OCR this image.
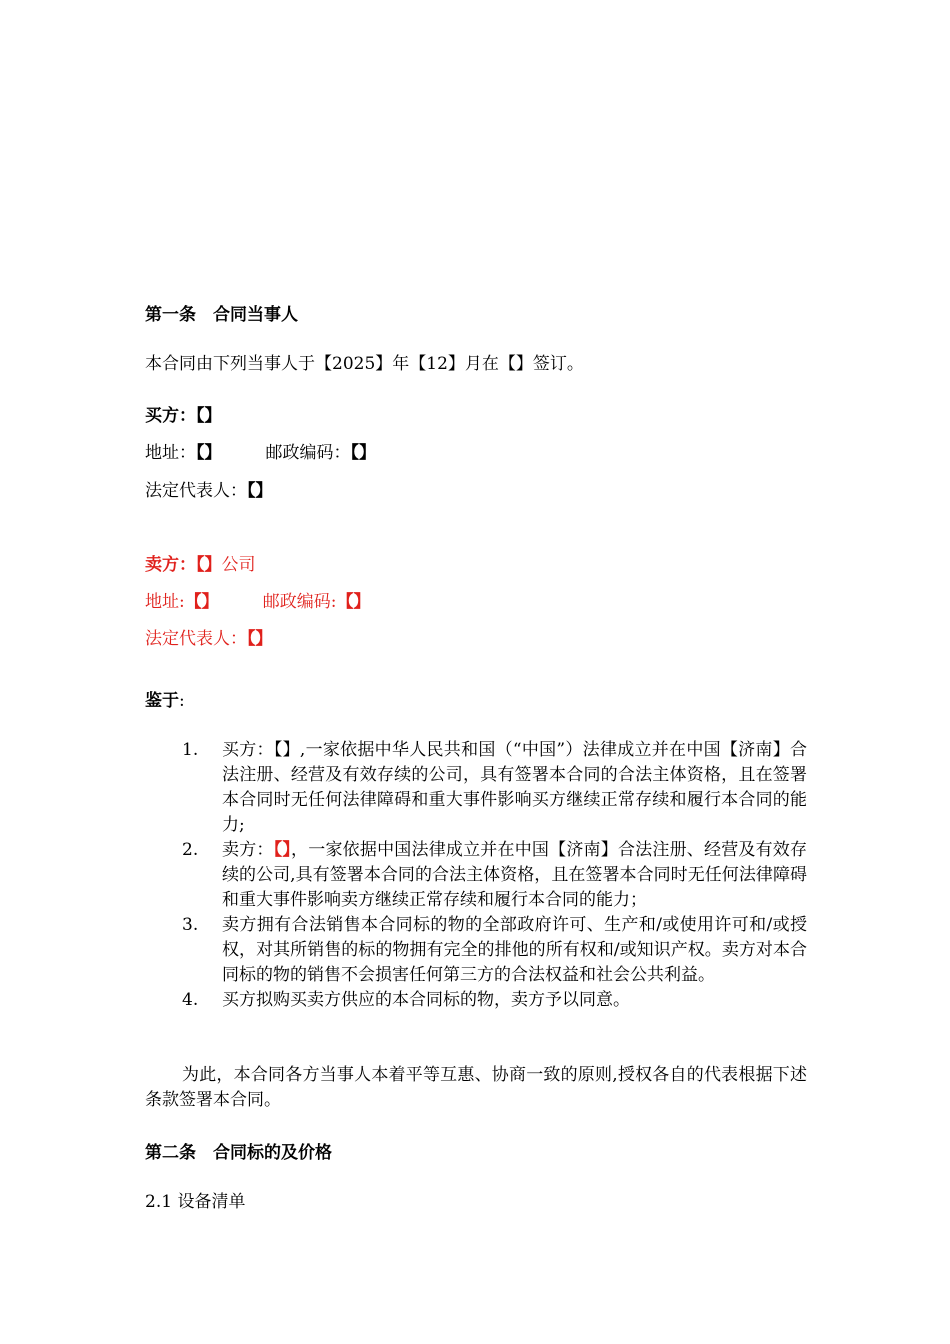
第一条　合同当事人
本合同由下列当事人于【2025】年【12】月在【】签订。
买方：【】
地址：【】	邮政编码：【】
法定代表人：【】
卖方：【】公司
地址:【】	邮政编码:【】
法定代表人：【】
鉴于:
1. 买方：【】,一家依据中华人民共和国（“中国”）法律成立并在中国【济南】合法注册、经营及有效存续的公司，具有签署本合同的合法主体资格，且在签署本合同时无任何法律障碍和重大事件影响买方继续正常存续和履行本合同的能力;
2. 卖方：【】，一家依据中国法律成立并在中国【济南】合法注册、经营及有效存续的公司,具有签署本合同的合法主体资格，且在签署本合同时无任何法律障碍和重大事件影响卖方继续正常存续和履行本合同的能力；
3. 卖方拥有合法销售本合同标的物的全部政府许可、生产和/或使用许可和/或授权，对其所销售的标的物拥有完全的排他的所有权和/或知识产权。卖方对本合同标的物的销售不会损害任何第三方的合法权益和社会公共利益。
4. 买方拟购买卖方供应的本合同标的物，卖方予以同意。
为此，本合同各方当事人本着平等互惠、协商一致的原则,授权各自的代表根据下述条款签署本合同。
第二条　合同标的及价格
2.1 设备清单
